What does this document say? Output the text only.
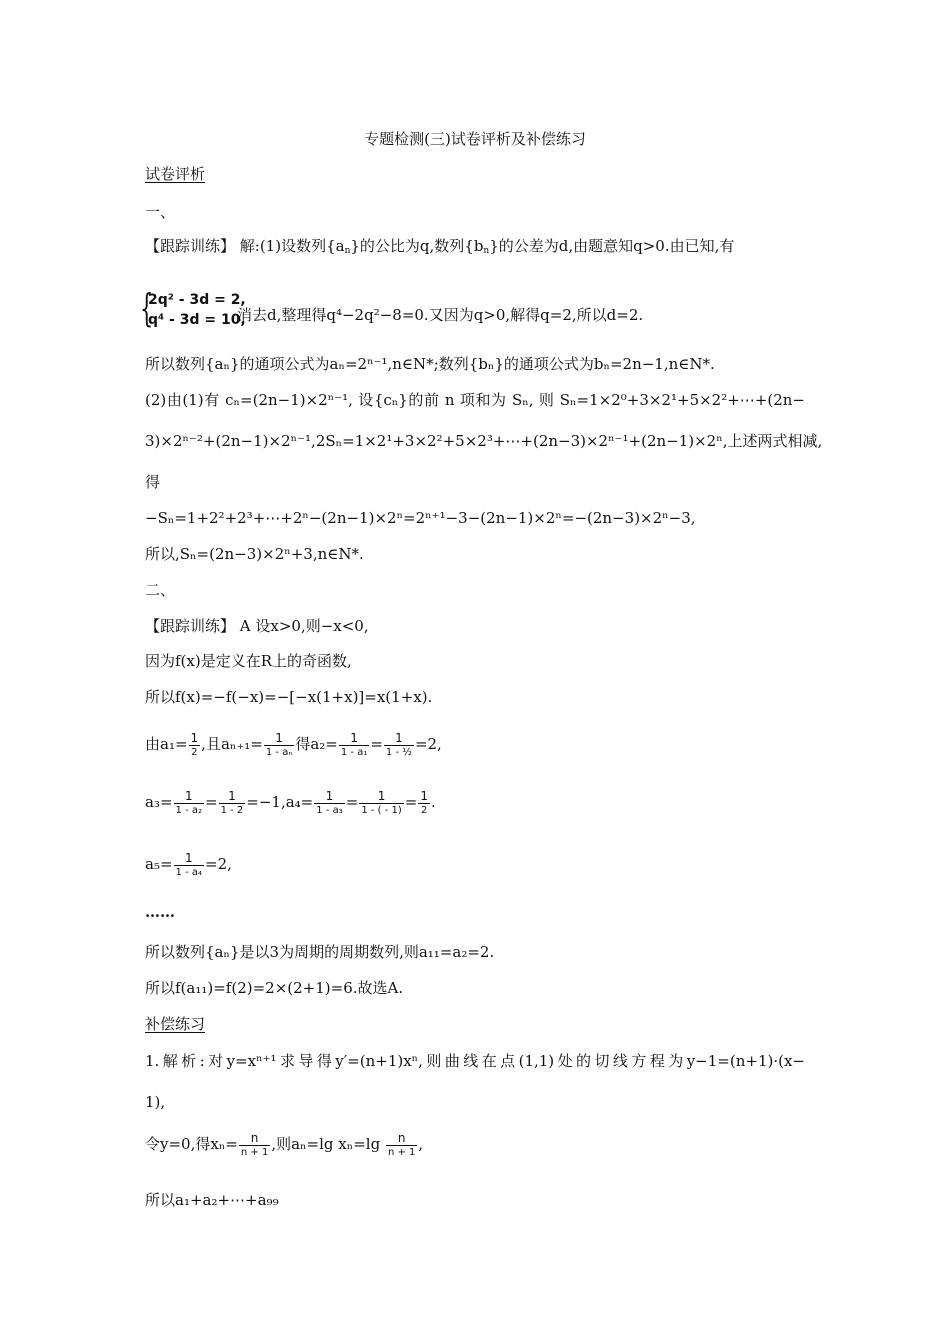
专题检测(三)试卷评析及补偿练习
试卷评析
一、
【跟踪训练】 解:(1)设数列$\{a_n\}$的公比为q,数列$\{b_n\}$的公差为d,由题意知q>0.由已知,有
{
2q² - 3d = 2,
q⁴ - 3d = 10,
消去d,整理得q⁴−2q²−8=0.又因为q>0,解得q=2,所以d=2.
所以数列{aₙ}的通项公式为aₙ=2ⁿ⁻¹,n∈N*;数列{bₙ}的通项公式为bₙ=2n−1,n∈N*.
(2)由(1)有 cₙ=(2n−1)×2ⁿ⁻¹, 设{cₙ}的前 n 项和为 Sₙ, 则 Sₙ=1×2⁰+3×2¹+5×2²+⋯+(2n−
3)×2ⁿ⁻²+(2n−1)×2ⁿ⁻¹,2Sₙ=1×2¹+3×2²+5×2³+⋯+(2n−3)×2ⁿ⁻¹+(2n−1)×2ⁿ,上述两式相减,
得
−Sₙ=1+2²+2³+⋯+2ⁿ−(2n−1)×2ⁿ=2ⁿ⁺¹−3−(2n−1)×2ⁿ=−(2n−3)×2ⁿ−3,
所以,Sₙ=(2n−3)×2ⁿ+3,n∈N*.
二、
【跟踪训练】 A 设x>0,则−x<0,
因为f(x)是定义在R上的奇函数,
所以f(x)=−f(−x)=−[−x(1+x)]=x(1+x).
由$a_1= \frac{1}{2}$ ,且$a_{n+1}= \frac{1}{\text{1 - aₙ}}$ 得$a_2= \frac{1}{\text{1 - a₁}} = \frac{1}{\text{1 - ½}} =2$,
$a_3= \frac{1}{\text{1 - a₂}} = \frac{1}{1 - 2} =-1,a_4= \frac{1}{\text{1 - a₃}} = \frac{1}{1 - ( - 1)} = \frac{1}{2}$ .
$a_5= \frac{1}{\text{1 - a₄}} =2$,
……
所以数列{aₙ}是以3为周期的周期数列,则a₁₁=a₂=2.
所以f(a₁₁)=f(2)=2×(2+1)=6.故选A.
补偿练习
1.解析:对y=xⁿ⁺¹求导得y′=(n+1)xⁿ,则曲线在点(1,1)处的切线方程为y−1=(n+1)·(x−
1),
令y=0,得$x_n= \frac{n}{n + 1}$ ,则aₙ=lg $x_n=\lg \frac{n}{n + 1}$ ,
所以a₁+a₂+⋯+a₉₉
